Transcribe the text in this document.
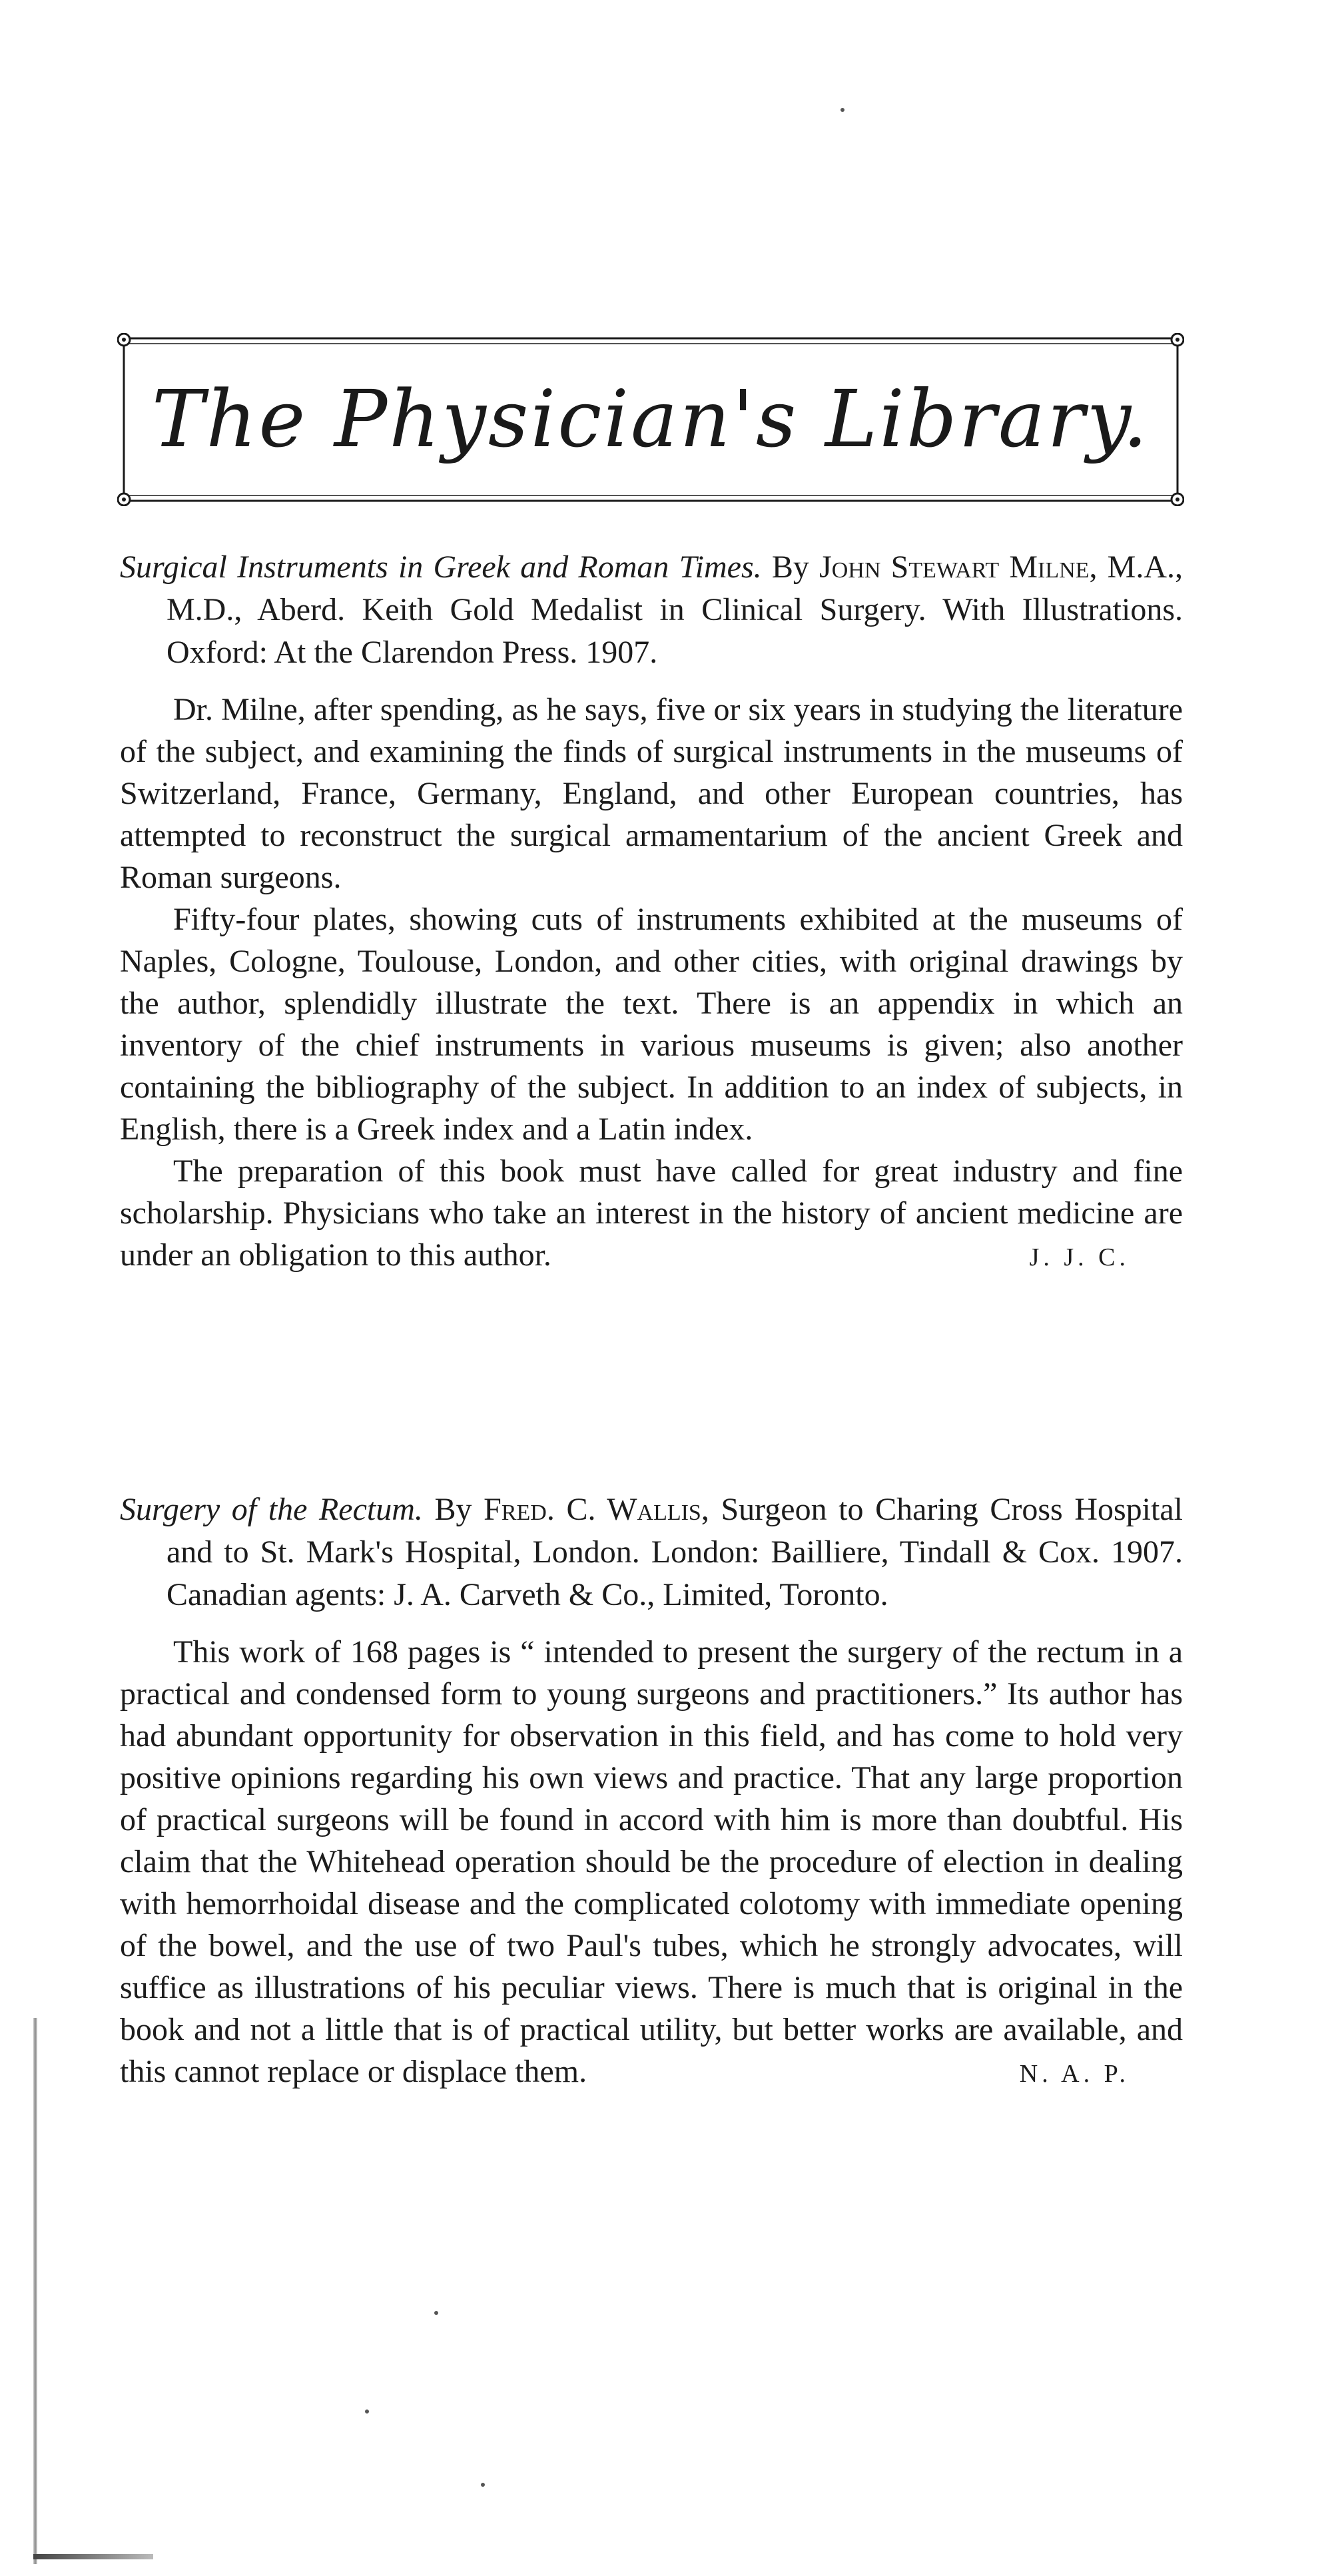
The Physician's Library.

Surgical Instruments in Greek and Roman Times. By John Stewart Milne, M.A., M.D., Aberd. Keith Gold Medalist in Clinical Surgery. With Illustrations. Oxford: At the Clarendon Press. 1907.

Dr. Milne, after spending, as he says, five or six years in studying the literature of the subject, and examining the finds of surgical instruments in the museums of Switzerland, France, Germany, England, and other European countries, has attempted to reconstruct the surgical armamentarium of the ancient Greek and Roman surgeons.

Fifty-four plates, showing cuts of instruments exhibited at the museums of Naples, Cologne, Toulouse, London, and other cities, with original drawings by the author, splendidly illustrate the text. There is an appendix in which an inventory of the chief instruments in various museums is given; also another containing the bibliography of the subject. In addition to an index of subjects, in English, there is a Greek index and a Latin index.

The preparation of this book must have called for great industry and fine scholarship. Physicians who take an interest in the history of ancient medicine are under an obligation to this author.	J. J. C.

Surgery of the Rectum. By Fred. C. Wallis, Surgeon to Charing Cross Hospital and to St. Mark's Hospital, London. London: Bailliere, Tindall & Cox. 1907. Canadian agents: J. A. Carveth & Co., Limited, Toronto.

This work of 168 pages is “ intended to present the surgery of the rectum in a practical and condensed form to young surgeons and practitioners.” Its author has had abundant opportunity for observation in this field, and has come to hold very positive opinions regarding his own views and practice. That any large proportion of practical surgeons will be found in accord with him is more than doubtful. His claim that the Whitehead operation should be the procedure of election in dealing with hemorrhoidal disease and the complicated colotomy with immediate opening of the bowel, and the use of two Paul's tubes, which he strongly advocates, will suffice as illustrations of his peculiar views. There is much that is original in the book and not a little that is of practical utility, but better works are available, and this cannot replace or displace them.	N. A. P.
